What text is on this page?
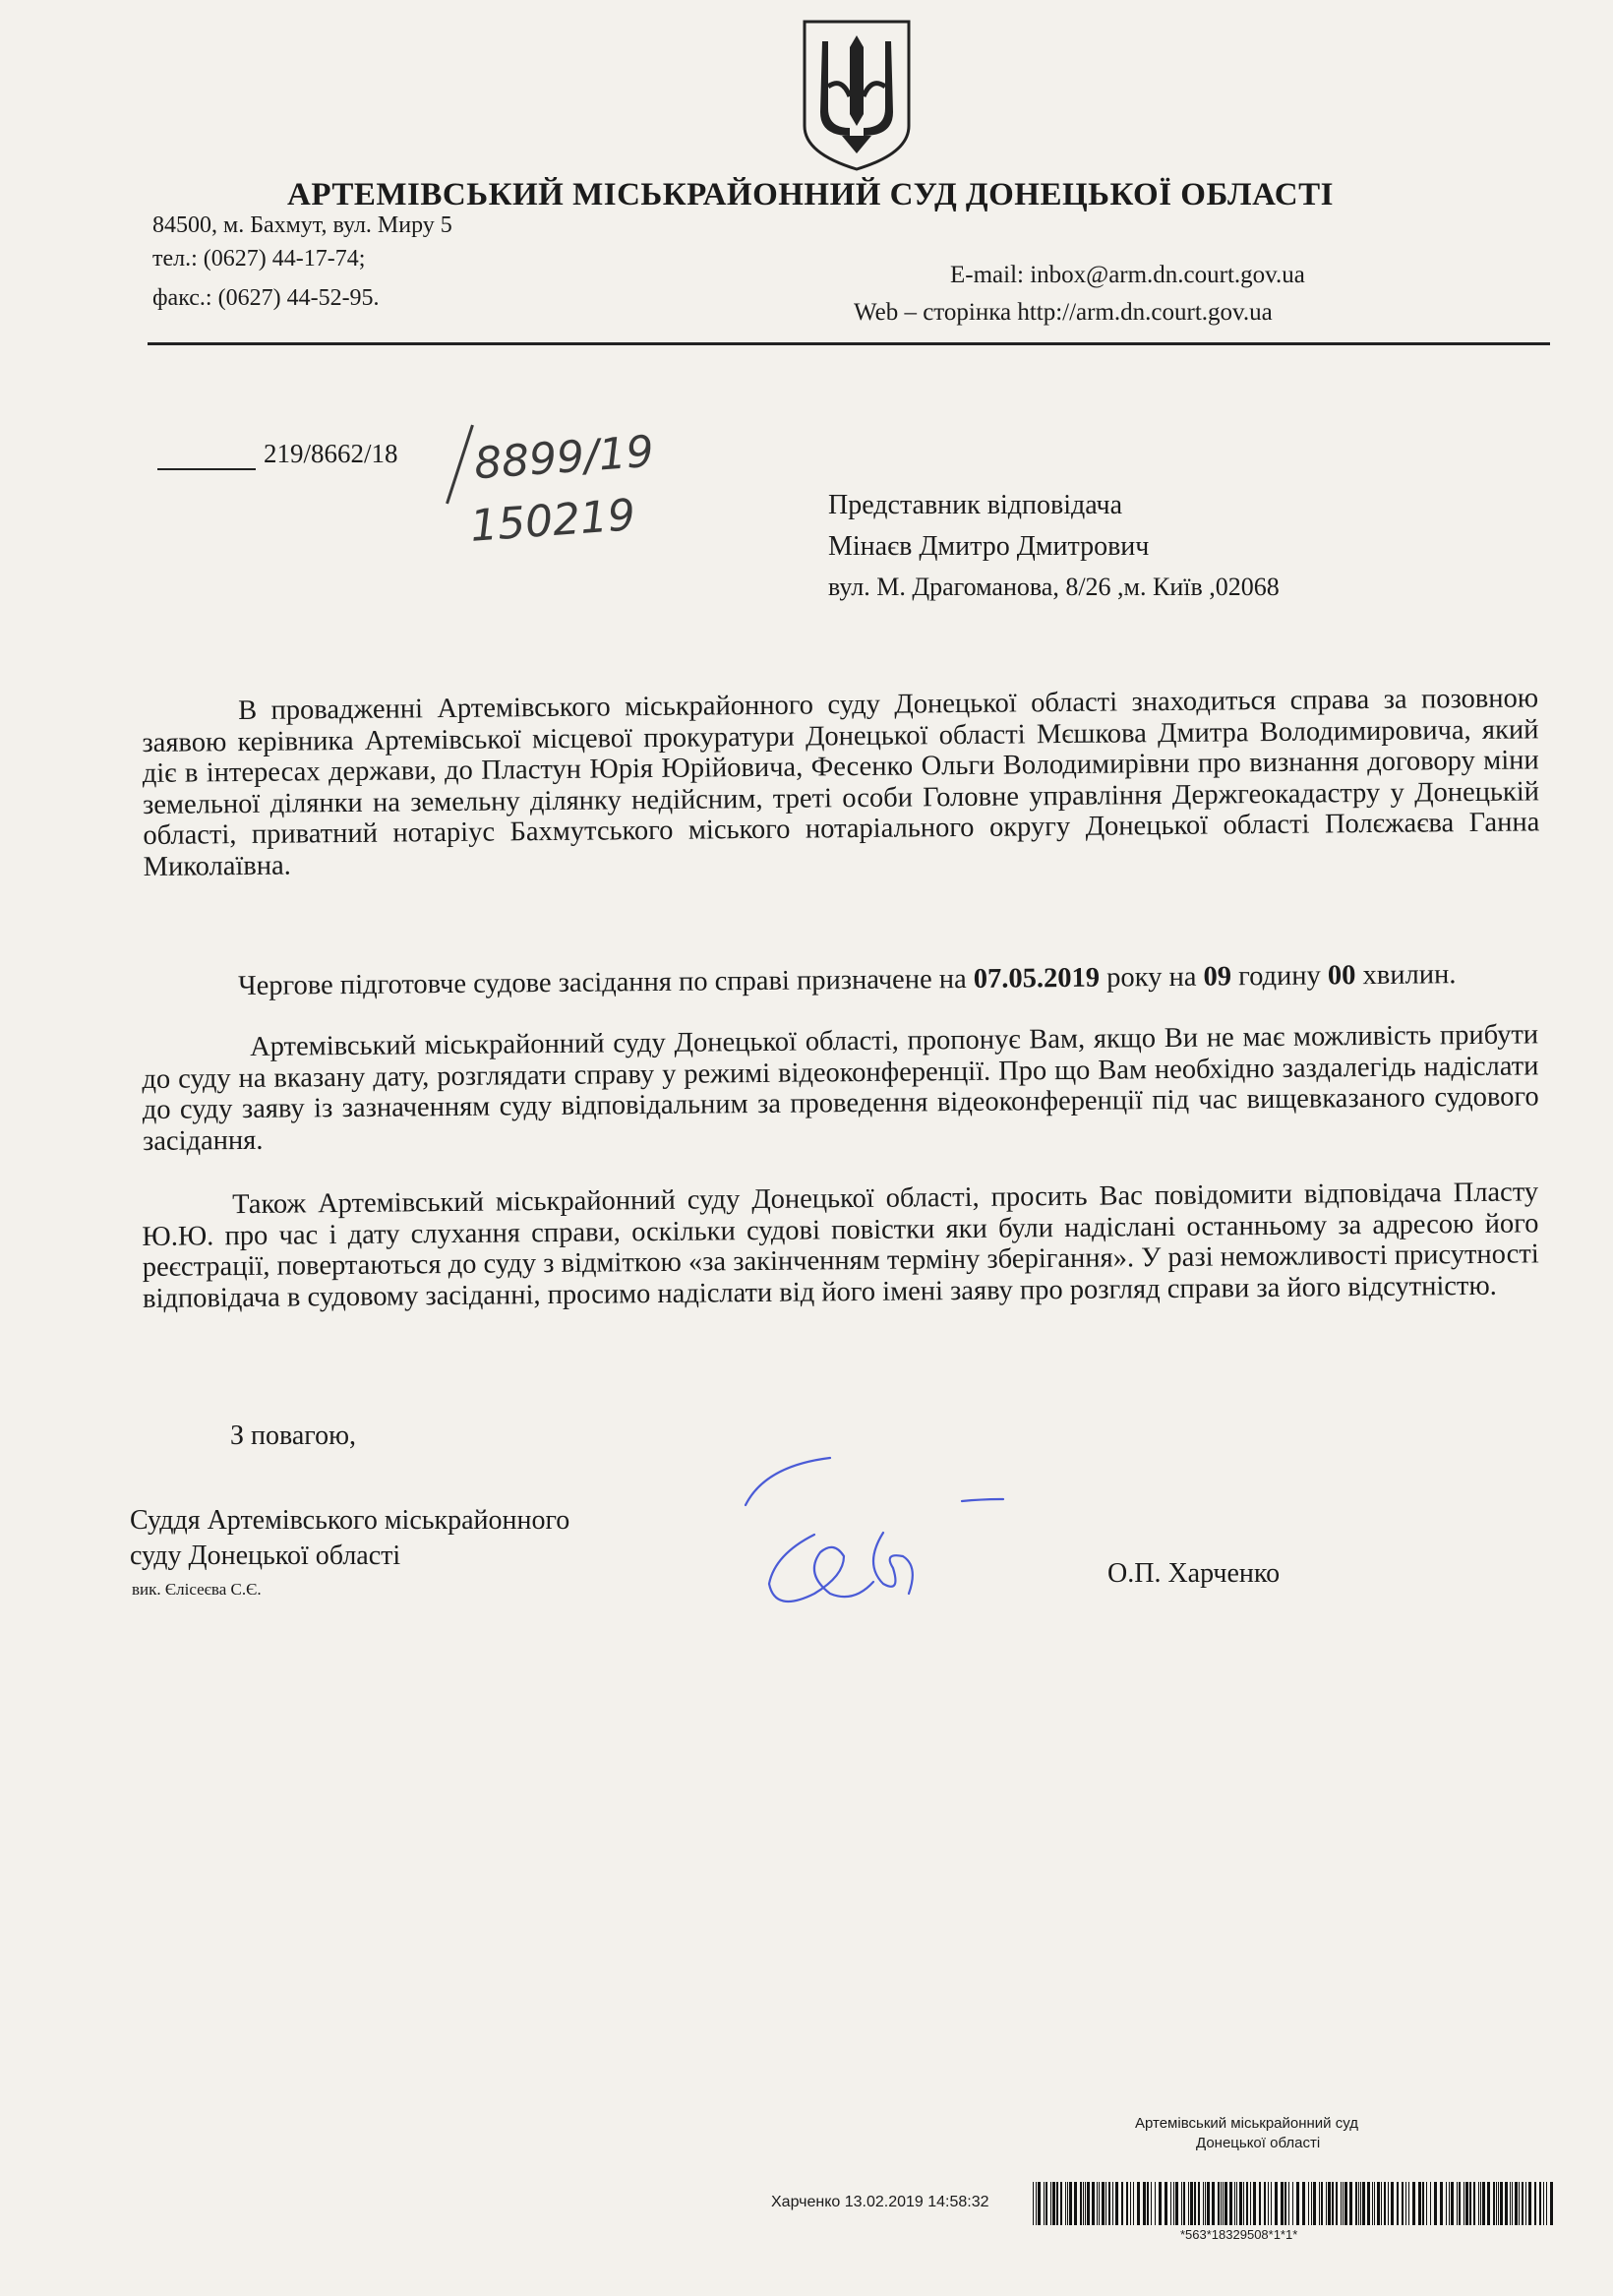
АРТЕМІВСЬКИЙ МІСЬКРАЙОННИЙ СУД ДОНЕЦЬКОЇ ОБЛАСТІ
84500, м. Бахмут, вул. Миру 5
тел.: (0627) 44-17-74;
факс.: (0627) 44-52-95.
E-mail: inbox@arm.dn.court.gov.ua
Web – сторінка http://arm.dn.court.gov.ua
219/8662/18 8899/19
150219	Представник відповідача
Мінаєв Дмитро Дмитрович
вул. М. Драгоманова, 8/26 ,м. Київ ,02068
В провадженні Артемівського міськрайонного суду Донецької області знаходиться справа за позовною заявою керівника Артемівської місцевої прокуратури Донецької області Мєшкова Дмитра Володимировича, який діє в інтересах держави, до Пластун Юрія Юрійовича, Фесенко Ольги Володимирівни про визнання договору міни земельної ділянки на земельну ділянку недійсним, треті особи Головне управління Держгеокадастру у Донецькій області, приватний нотаріус Бахмутського міського нотаріального округу Донецької області Полєжаєва Ганна Миколаївна.
Чергове підготовче судове засідання по справі призначене на 07.05.2019 року на 09 годину 00 хвилин.
Артемівський міськрайонний суду Донецької області, пропонує Вам, якщо Ви не має можливість прибути до суду на вказану дату, розглядати справу у режимі відеоконференції. Про що Вам необхідно заздалегідь надіслати до суду заяву із зазначенням суду відповідальним за проведення відеоконференції під час вищевказаного судового засідання.
Також Артемівський міськрайонний суду Донецької області, просить Вас повідомити відповідача Пласту Ю.Ю. про час і дату слухання справи, оскільки судові повістки яки були надіслані останньому за адресою його реєстрації, повертаються до суду з відміткою «за закінченням терміну зберігання». У разі неможливості присутності відповідача в судовому засіданні, просимо надіслати від його імені заяву про розгляд справи за його відсутністю.
З повагою,
Суддя Артемівського міськрайонного
суду Донецької області
вик. Єлісеєва С.Є.
О.П. Харченко
Артемівський міськрайонний суд
Донецької області
Харченко 13.02.2019 14:58:32
*563*18329508*1*1*
